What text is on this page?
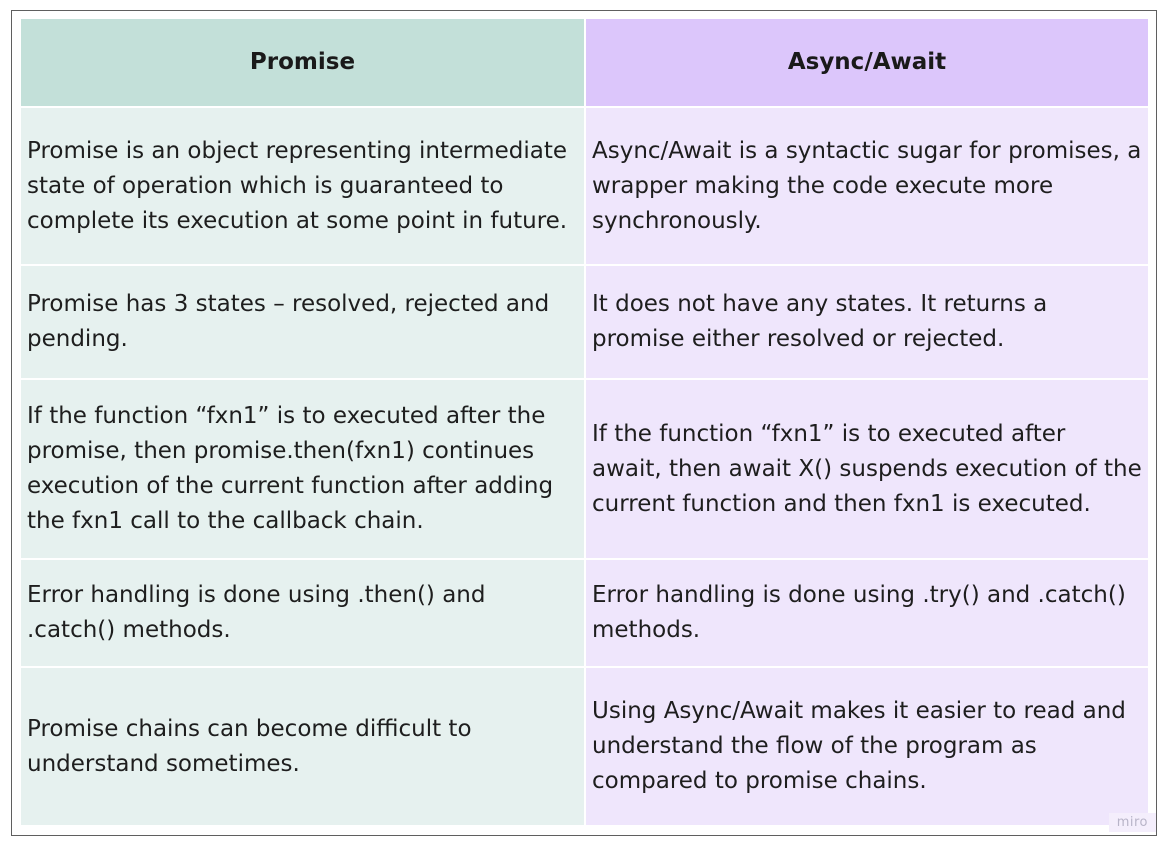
Promise	Async/Await
Promise is an object representing intermediate state of operation which is guaranteed to complete its execution at some point in future.	Async/Await is a syntactic sugar for promises, a wrapper making the code execute more synchronously.
Promise has 3 states – resolved, rejected and pending.	It does not have any states. It returns a promise either resolved or rejected.
If the function “fxn1” is to executed after the promise, then promise.then(fxn1) continues execution of the current function after adding the fxn1 call to the callback chain.	If the function “fxn1” is to executed after await, then await X() suspends execution of the current function and then fxn1 is executed.
Error handling is done using .then() and .catch() methods.	Error handling is done using .try() and .catch() methods.
Promise chains can become difficult to understand sometimes.	Using Async/Await makes it easier to read and understand the flow of the program as compared to promise chains.
miro
